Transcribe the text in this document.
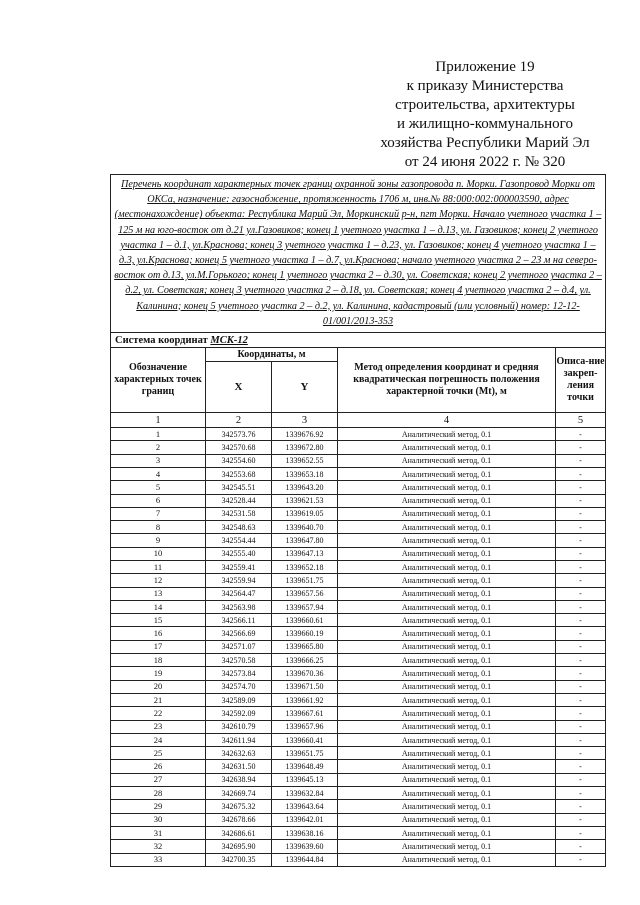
Приложение 19
к приказу Министерства
строительства, архитектуры
и жилищно-коммунального
хозяйства Республики Марий Эл
от 24 июня 2022 г. № 320
Перечень координат характерных точек границ охранной зоны газопровода п. Морки. Газопровод Морки от ОКСа, назначение: газоснабжение, протяженность 1706 м, инв.№ 88:000:002:000003590, адрес (местонахождение) объекта: Республика Марий Эл, Моркинский р-н, пгт Морки. Начало учетного участка 1 – 125 м на юго-восток от д.21 ул.Газовиков; конец 1 учетного участка 1 – д.13, ул. Газовиков; конец 2 учетного участка 1 – д.1, ул.Краснова; конец 3 учетного участка 1 – д.23, ул. Газовиков; конец 4 учетного участка 1 – д.3, ул.Краснова; конец 5 учетного участка 1 – д.7, ул.Краснова; начало учетного участка 2 – 23 м на северо-восток от д.13, ул.М.Горького; конец 1 учетного участка 2 – д.30, ул. Советская; конец 2 учетного участка 2 – д.2, ул. Советская; конец 3 учетного участка 2 – д.18, ул. Советская; конец 4 учетного участка 2 – д.4, ул. Калинина; конец 5 учетного участка 2 – д.2, ул. Калинина, кадастровый (или условный) номер: 12-12-01/001/2013-353				
Система координат МСК-12				
Обозначение характерных точек границ	Координаты, м		Метод определения координат и средняя квадратическая погрешность положения характерной точки (Mt), м	Описа-ние закреп-ления точки
	X	Y		
1	2	3	4	5
1	342573.76	1339676.92	Аналитический метод, 0.1	-
2	342570.68	1339672.80	Аналитический метод, 0.1	-
3	342554.60	1339652.55	Аналитический метод, 0.1	-
4	342553.68	1339653.18	Аналитический метод, 0.1	-
5	342545.51	1339643.20	Аналитический метод, 0.1	-
6	342528.44	1339621.53	Аналитический метод, 0.1	-
7	342531.58	1339619.05	Аналитический метод, 0.1	-
8	342548.63	1339640.70	Аналитический метод, 0.1	-
9	342554.44	1339647.80	Аналитический метод, 0.1	-
10	342555.40	1339647.13	Аналитический метод, 0.1	-
11	342559.41	1339652.18	Аналитический метод, 0.1	-
12	342559.94	1339651.75	Аналитический метод, 0.1	-
13	342564.47	1339657.56	Аналитический метод, 0.1	-
14	342563.98	1339657.94	Аналитический метод, 0.1	-
15	342566.11	1339660.61	Аналитический метод, 0.1	-
16	342566.69	1339660.19	Аналитический метод, 0.1	-
17	342571.07	1339665.80	Аналитический метод, 0.1	-
18	342570.58	1339666.25	Аналитический метод, 0.1	-
19	342573.84	1339670.36	Аналитический метод, 0.1	-
20	342574.70	1339671.50	Аналитический метод, 0.1	-
21	342589.09	1339661.92	Аналитический метод, 0.1	-
22	342592.09	1339667.61	Аналитический метод, 0.1	-
23	342610.79	1339657.96	Аналитический метод, 0.1	-
24	342611.94	1339660.41	Аналитический метод, 0.1	-
25	342632.63	1339651.75	Аналитический метод, 0.1	-
26	342631.50	1339648.49	Аналитический метод, 0.1	-
27	342638.94	1339645.13	Аналитический метод, 0.1	-
28	342669.74	1339632.84	Аналитический метод, 0.1	-
29	342675.32	1339643.64	Аналитический метод, 0.1	-
30	342678.66	1339642.01	Аналитический метод, 0.1	-
31	342686.61	1339638.16	Аналитический метод, 0.1	-
32	342695.90	1339639.60	Аналитический метод, 0.1	-
33	342700.35	1339644.84	Аналитический метод, 0.1	-
